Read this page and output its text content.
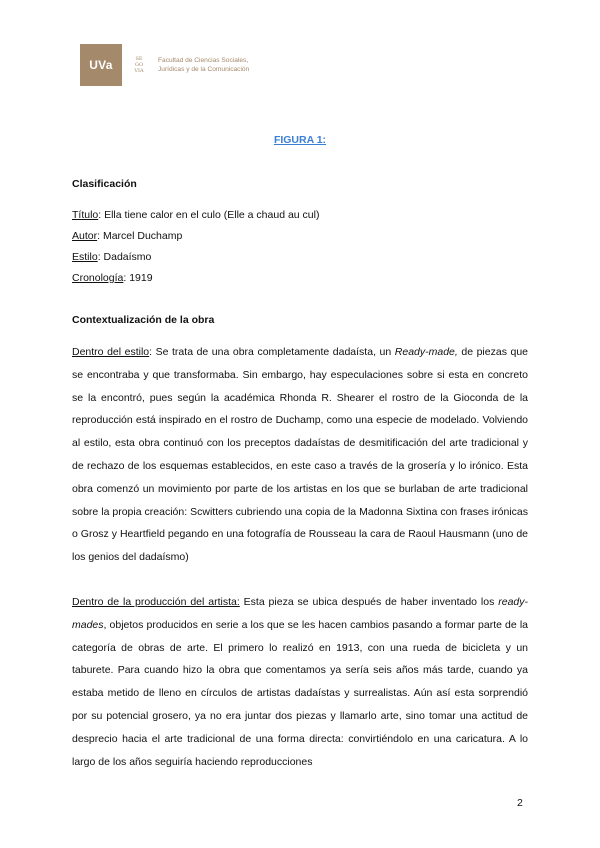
UVa	SE
GO
VIA
Facultad de Ciencias Sociales,
Jurídicas y de la Comunicación
FIGURA 1:
Clasificación
Título: Ella tiene calor en el culo (Elle a chaud au cul)
Autor: Marcel Duchamp
Estilo: Dadaísmo
Cronología: 1919
Contextualización de la obra
Dentro del estilo: Se trata de una obra completamente dadaísta, un Ready-made, de piezas que se encontraba y que transformaba. Sin embargo, hay especulaciones sobre si esta en concreto se la encontró, pues según la académica Rhonda R. Shearer el rostro de la Gioconda de la reproducción está inspirado en el rostro de Duchamp, como una especie de modelado. Volviendo al estilo, esta obra continuó con los preceptos dadaístas de desmitificación del arte tradicional y de rechazo de los esquemas establecidos, en este caso a través de la grosería y lo irónico. Esta obra comenzó un movimiento por parte de los artistas en los que se burlaban de arte tradicional sobre la propia creación: Scwitters cubriendo una copia de la Madonna Sixtina con frases irónicas o Grosz y Heartfield pegando en una fotografía de Rousseau la cara de Raoul Hausmann (uno de los genios del dadaísmo)
Dentro de la producción del artista: Esta pieza se ubica después de haber inventado los ready-mades, objetos producidos en serie a los que se les hacen cambios pasando a formar parte de la categoría de obras de arte. El primero lo realizó en 1913, con una rueda de bicicleta y un taburete. Para cuando hizo la obra que comentamos ya sería seis años más tarde, cuando ya estaba metido de lleno en círculos de artistas dadaístas y surrealistas. Aún así esta sorprendió por su potencial grosero, ya no era juntar dos piezas y llamarlo arte, sino tomar una actitud de desprecio hacia el arte tradicional de una forma directa: convirtiéndolo en una caricatura. A lo largo de los años seguiría haciendo reproducciones
2
